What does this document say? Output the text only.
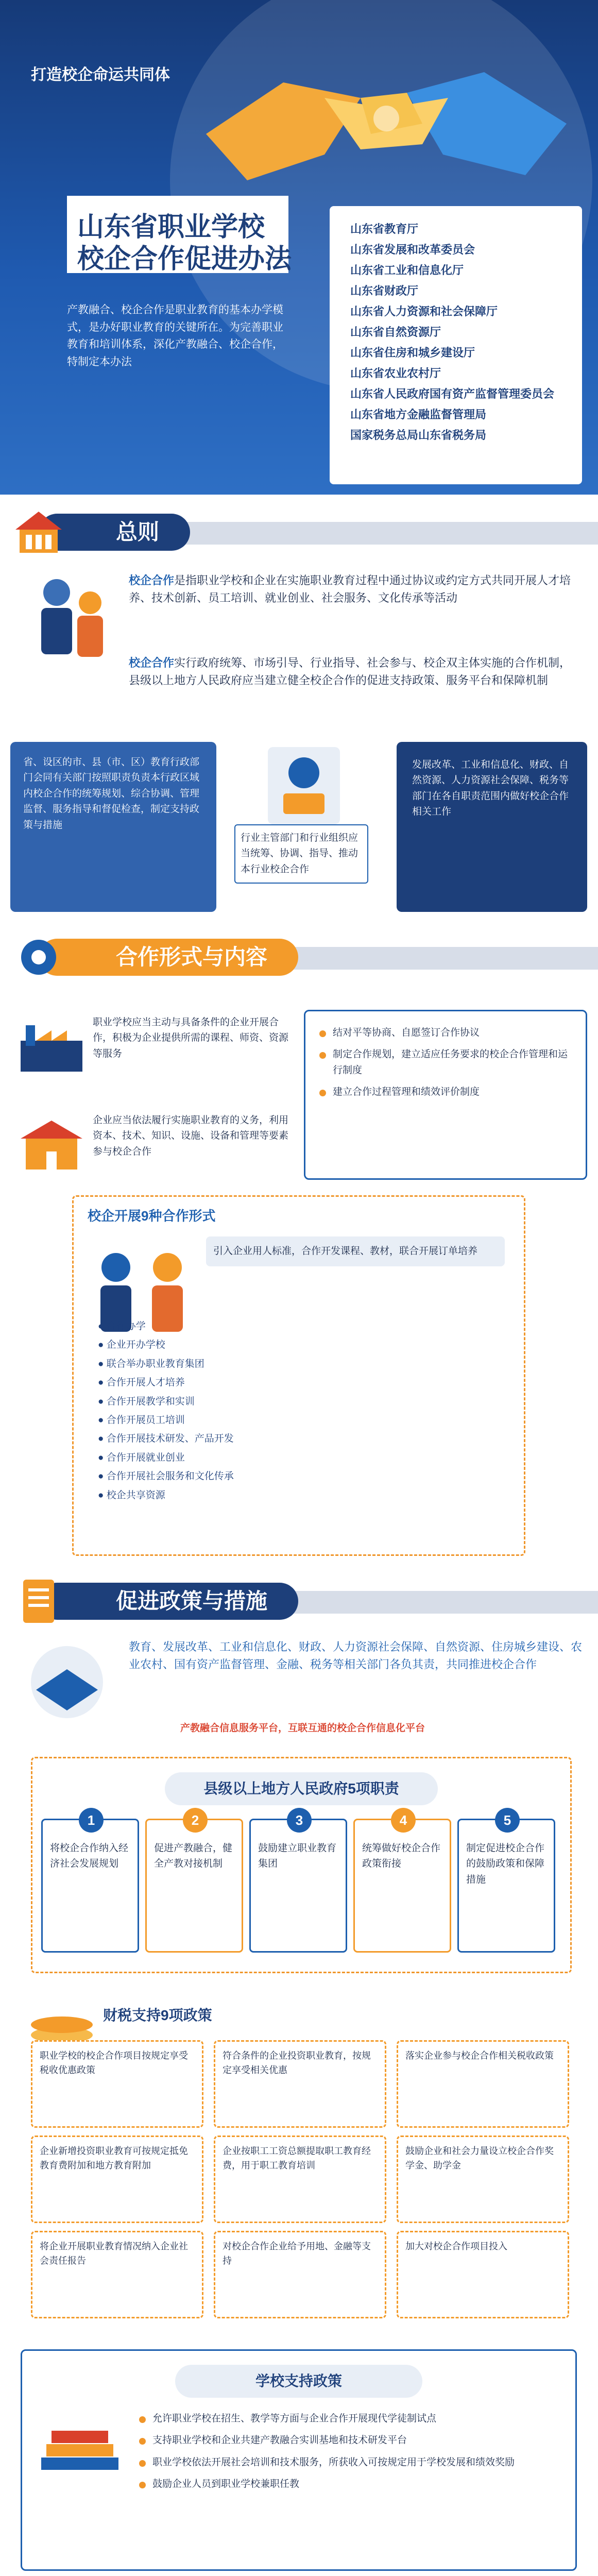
打造校企命运共同体
山东省职业学校
校企合作促进办法
产教融合、校企合作是职业教育的基本办学模式，是办好职业教育的关键所在。为完善职业教育和培训体系，深化产教融合、校企合作，特制定本办法
山东省教育厅
山东省发展和改革委员会
山东省工业和信息化厅
山东省财政厅
山东省人力资源和社会保障厅
山东省自然资源厅
山东省住房和城乡建设厅
山东省农业农村厅
山东省人民政府国有资产监督管理委员会
山东省地方金融监督管理局
国家税务总局山东省税务局
总则
校企合作是指职业学校和企业在实施职业教育过程中通过协议或约定方式共同开展人才培养、技术创新、员工培训、就业创业、社会服务、文化传承等活动
校企合作实行政府统筹、市场引导、行业指导、社会参与、校企双主体实施的合作机制，县级以上地方人民政府应当建立健全校企合作的促进支持政策、服务平台和保障机制
省、设区的市、县（市、区）教育行政部门会同有关部门按照职责负责本行政区域内校企合作的统筹规划、综合协调、管理监督、服务指导和督促检查，制定支持政策与措施
行业主管部门和行业组织应当统筹、协调、指导、推动本行业校企合作
发展改革、工业和信息化、财政、自然资源、人力资源社会保障、税务等部门在各自职责范围内做好校企合作相关工作
合作形式与内容
职业学校应当主动与具备条件的企业开展合作，积极为企业提供所需的课程、师资、资源等服务
企业应当依法履行实施职业教育的义务，利用资本、技术、知识、设施、设备和管理等要素参与校企合作
结对平等协商、自愿签订合作协议
制定合作规划，建立适应任务要求的校企合作管理和运行制度
建立合作过程管理和绩效评价制度
校企开展9种合作形式
引入企业用人标准，合作开发课程、教材，联合开展订单培养
● 合作办学
● 企业开办学校
● 联合举办职业教育集团
● 合作开展人才培养
● 合作开展教学和实训
● 合作开展员工培训
● 合作开展技术研发、产品开发
● 合作开展就业创业
● 合作开展社会服务和文化传承
● 校企共享资源
促进政策与措施
教育、发展改革、工业和信息化、财政、人力资源社会保障、自然资源、住房城乡建设、农业农村、国有资产监督管理、金融、税务等相关部门各负其责，共同推进校企合作
产教融合信息服务平台，互联互通的校企合作信息化平台
县级以上地方人民政府5项职责
1
将校企合作纳入经济社会发展规划
2
促进产教融合，健全产教对接机制
3
鼓励建立职业教育集团
4
统筹做好校企合作政策衔接
5
制定促进校企合作的鼓励政策和保障措施
财税支持9项政策
职业学校的校企合作项目按规定享受税收优惠政策
符合条件的企业投资职业教育，按规定享受相关优惠
落实企业参与校企合作相关税收政策
企业新增投资职业教育可按规定抵免教育费附加和地方教育附加
企业按职工工资总额提取职工教育经费，用于职工教育培训
鼓励企业和社会力量设立校企合作奖学金、助学金
将企业开展职业教育情况纳入企业社会责任报告
对校企合作企业给予用地、金融等支持
加大对校企合作项目投入
学校支持政策
允许职业学校在招生、教学等方面与企业合作开展现代学徒制试点
支持职业学校和企业共建产教融合实训基地和技术研发平台
职业学校依法开展社会培训和技术服务，所获收入可按规定用于学校发展和绩效奖励
鼓励企业人员到职业学校兼职任教
